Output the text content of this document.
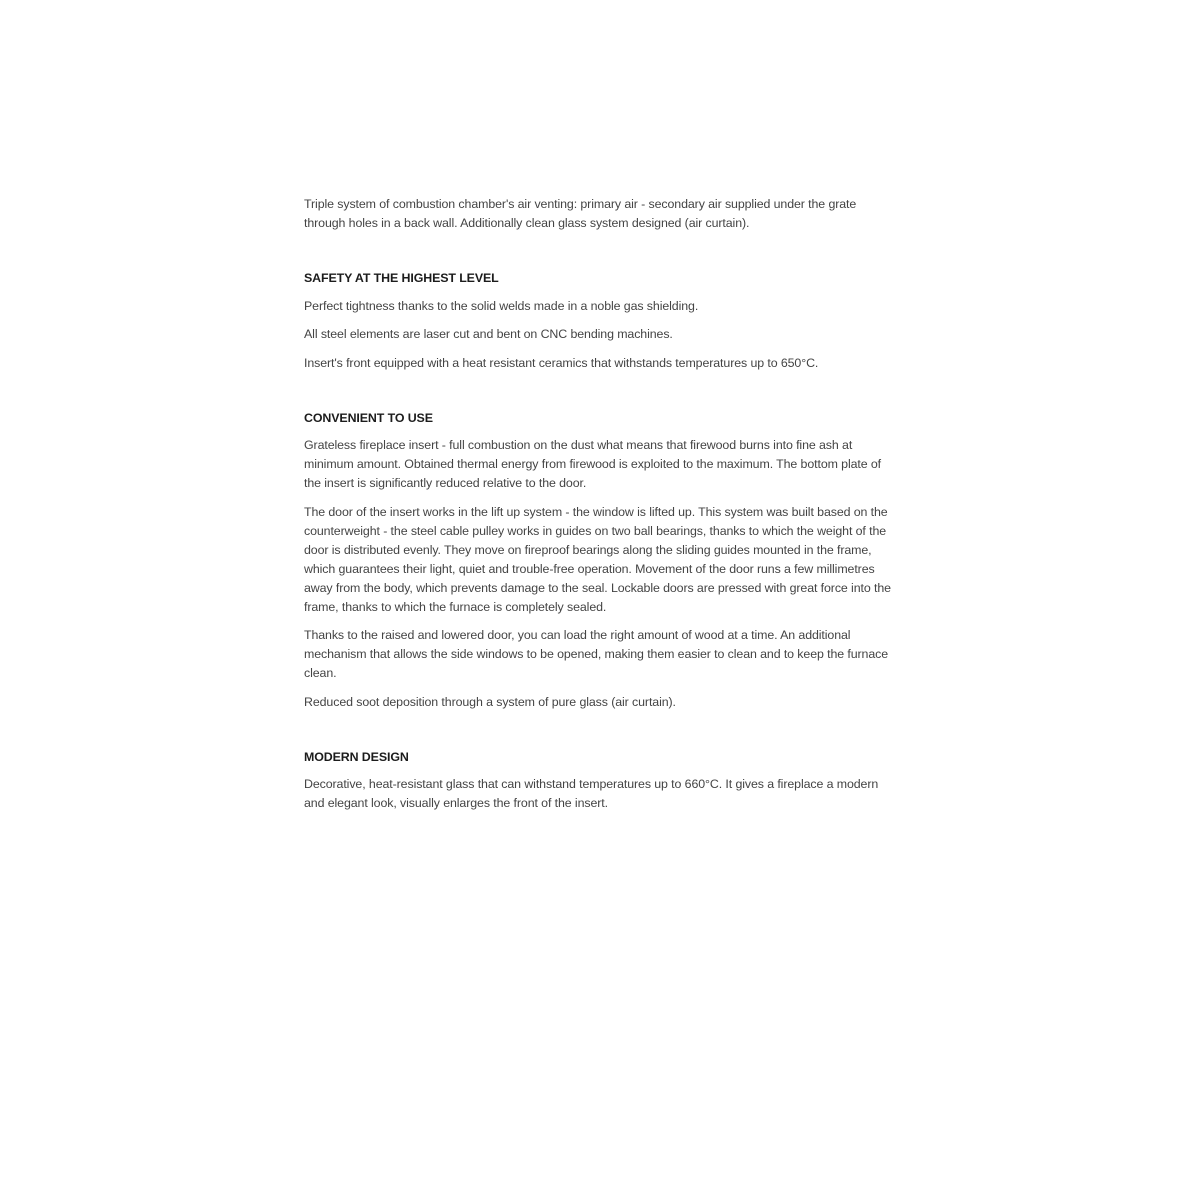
Triple system of combustion chamber's air venting: primary air - secondary air supplied under the grate through holes in a back wall. Additionally clean glass system designed (air curtain).

SAFETY AT THE HIGHEST LEVEL

Perfect tightness thanks to the solid welds made in a noble gas shielding.

All steel elements are laser cut and bent on CNC bending machines.

Insert's front equipped with a heat resistant ceramics that withstands temperatures up to 650°C.

CONVENIENT TO USE

Grateless fireplace insert - full combustion on the dust what means that firewood burns into fine ash at minimum amount. Obtained thermal energy from firewood is exploited to the maximum. The bottom plate of the insert is significantly reduced relative to the door.

The door of the insert works in the lift up system - the window is lifted up. This system was built based on the counterweight - the steel cable pulley works in guides on two ball bearings, thanks to which the weight of the door is distributed evenly. They move on fireproof bearings along the sliding guides mounted in the frame, which guarantees their light, quiet and trouble-free operation. Movement of the door runs a few millimetres away from the body, which prevents damage to the seal. Lockable doors are pressed with great force into the frame, thanks to which the furnace is completely sealed.

Thanks to the raised and lowered door, you can load the right amount of wood at a time. An additional mechanism that allows the side windows to be opened, making them easier to clean and to keep the furnace clean.

Reduced soot deposition through a system of pure glass (air curtain).

MODERN DESIGN

Decorative, heat-resistant glass that can withstand temperatures up to 660°C. It gives a fireplace a modern and elegant look, visually enlarges the front of the insert.
